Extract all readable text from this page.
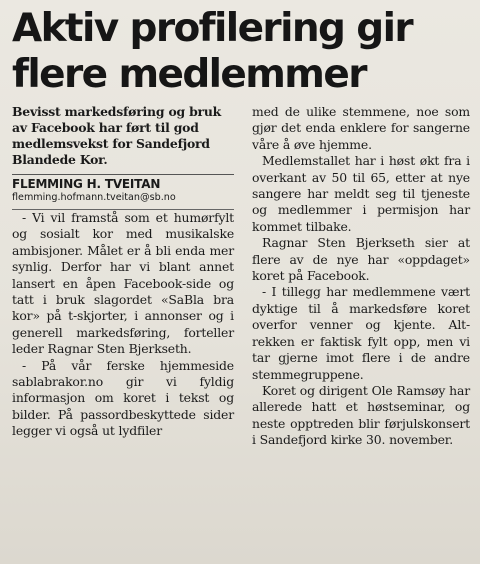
Aktiv profilering gir flere medlemmer

Bevisst markedsføring og bruk av Facebook har ført til god medlemsvekst for Sandefjord Blandede Kor.

FLEMMING H. TVEITAN
flemming.hofmann.tveitan@sb.no

- Vi vil framstå som et humørfylt og sosialt kor med musikalske ambisjoner. Målet er å bli enda mer synlig. Derfor har vi blant annet lansert en åpen Facebook-side og tatt i bruk slagordet «SaBla bra kor» på t-skjorter, i annonser og i generell markedsføring, forteller leder Ragnar Sten Bjerkseth.

- På vår ferske hjemmeside sablabrakor.no gir vi fyldig informasjon om koret i tekst og bilder. På passordbeskyttede sider legger vi også ut lydfiler

med de ulike stemmene, noe som gjør det enda enklere for sangerne våre å øve hjemme.

Medlemstallet har i høst økt fra i overkant av 50 til 65, etter at nye sangere har meldt seg til tjeneste og medlemmer i permisjon har kommet tilbake.

Ragnar Sten Bjerkseth sier at flere av de nye har «oppdaget» koret på Facebook.

- I tillegg har medlemmene vært dyktige til å markedsføre koret overfor venner og kjente. Alt-rekken er faktisk fylt opp, men vi tar gjerne imot flere i de andre stemmegruppene.

Koret og dirigent Ole Ramsøy har allerede hatt et høstseminar, og neste opptreden blir førjulskonsert i Sandefjord kirke 30. november.
